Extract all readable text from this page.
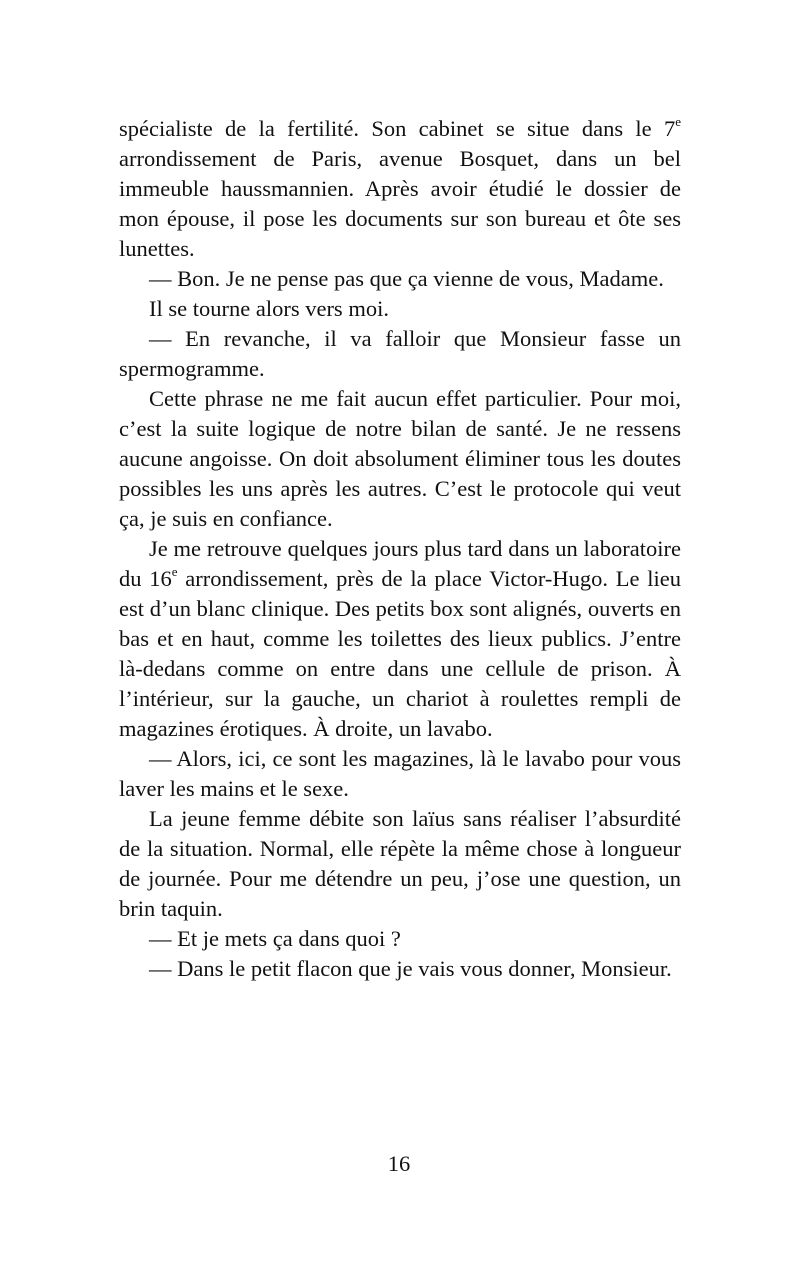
spécialiste de la fertilité. Son cabinet se situe dans le 7e arrondissement de Paris, avenue Bosquet, dans un bel immeuble haussmannien. Après avoir étudié le dossier de mon épouse, il pose les documents sur son bureau et ôte ses lunettes.

— Bon. Je ne pense pas que ça vienne de vous, Madame.

Il se tourne alors vers moi.

— En revanche, il va falloir que Monsieur fasse un spermogramme.

Cette phrase ne me fait aucun effet particulier. Pour moi, c’est la suite logique de notre bilan de santé. Je ne ressens aucune angoisse. On doit absolument éliminer tous les doutes possibles les uns après les autres. C’est le protocole qui veut ça, je suis en confiance.

Je me retrouve quelques jours plus tard dans un laboratoire du 16e arrondissement, près de la place Victor-Hugo. Le lieu est d’un blanc clinique. Des petits box sont alignés, ouverts en bas et en haut, comme les toilettes des lieux publics. J’entre là-dedans comme on entre dans une cellule de prison. À l’intérieur, sur la gauche, un chariot à roulettes rempli de magazines érotiques. À droite, un lavabo.

— Alors, ici, ce sont les magazines, là le lavabo pour vous laver les mains et le sexe.

La jeune femme débite son laïus sans réaliser l’absurdité de la situation. Normal, elle répète la même chose à longueur de journée. Pour me détendre un peu, j’ose une question, un brin taquin.

— Et je mets ça dans quoi ?

— Dans le petit flacon que je vais vous donner, Monsieur.

16
